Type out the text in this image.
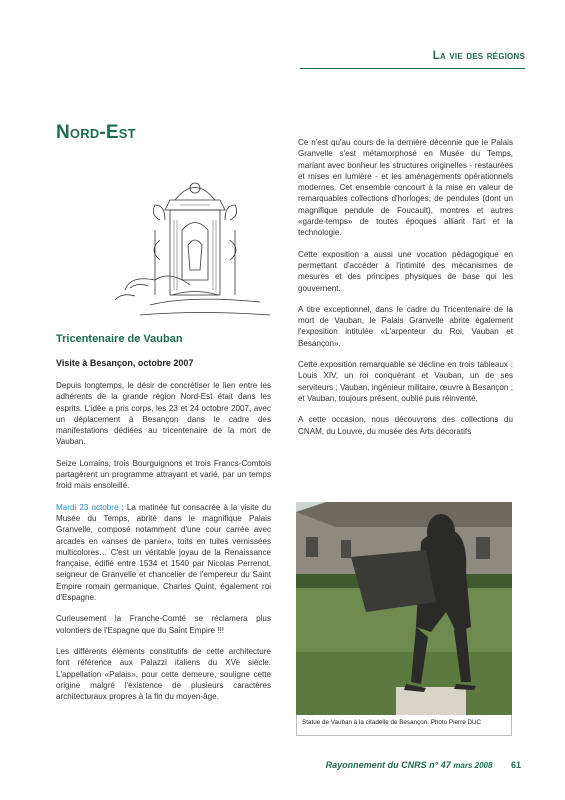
La vie des régions
Nord-Est
Tricentenaire de Vauban
Visite à Besançon, octobre 2007

Depuis longtemps, le désir de concrétiser le lien entre les adhérents de la grande région Nord-Est était dans les esprits. L'idée a pris corps, les 23 et 24 octobre 2007, avec un déplacement à Besançon dans le cadre des manifestations dédiées au tricentenaire de la mort de Vauban.

Seize Lorrains, trois Bourguignons et trois Francs-Comtois partagèrent un programme attrayant et varié, par un temps froid mais ensoleillé.

Mardi 23 octobre : La matinée fut consacrée à la visite du Musée du Temps, abrité dans le magnifique Palais Granvelle, composé notamment d'une cour carrée avec arcades en «anses de panier», toits en tuiles vernissées multicolores… C'est un véritable joyau de la Renaissance française, édifié entre 1534 et 1540 par Nicolas Perrenot, seigneur de Granvelle et chancelier de l'empereur du Saint Empire romain germanique, Charles Quint, également roi d'Espagne.

Curieusement la Franche-Comté se réclamera plus volontiers de l'Espagne que du Saint Empire !!!

Les différents éléments constitutifs de cette architecture font référence aux Palazzi italiens du XVe siècle. L'appellation «Palais», pour cette demeure, souligne cette origine malgré l'existence de plusieurs caractères architecturaux propres à la fin du moyen-âge.

Ce n'est qu'au cours de la dernière décennie que le Palais Granvelle s'est métamorphosé en Musée du Temps, mariant avec bonheur les structures originelles - restaurées et mises en lumière - et les aménagements opérationnels modernes. Cet ensemble concourt à la mise en valeur de remarquables collections d'horloges, de pendules (dont un magnifique pendule de Foucault), montres et autres «garde-temps» de toutes époques alliant l'art et la technologie.

Cette exposition a aussi une vocation pédagogique en permettant d'accéder à l'intimité des mécanismes de mesures et des principes physiques de base qui les gouvernent.

A titre exceptionnel, dans le cadre du Tricentenaire de la mort de Vauban, le Palais Granvelle abrite également l'exposition intitulée «L'arpenteur du Roi, Vauban et Besançon».

Cette exposition remarquable se décline en trois tableaux : Louis XIV, un roi conquérant et Vauban, un de ses serviteurs ; Vauban, ingénieur militaire, œuvre à Besançon ; et Vauban, toujours présent, oublié puis réinventé.

A cette occasion, nous découvrons des collections du CNAM, du Louvre, du musée des Arts décoratifs

Statue de Vauban à la citadelle de Besançon. Photo Pierre DUC
Rayonnement du CNRS n° 47 mars 2008 61
